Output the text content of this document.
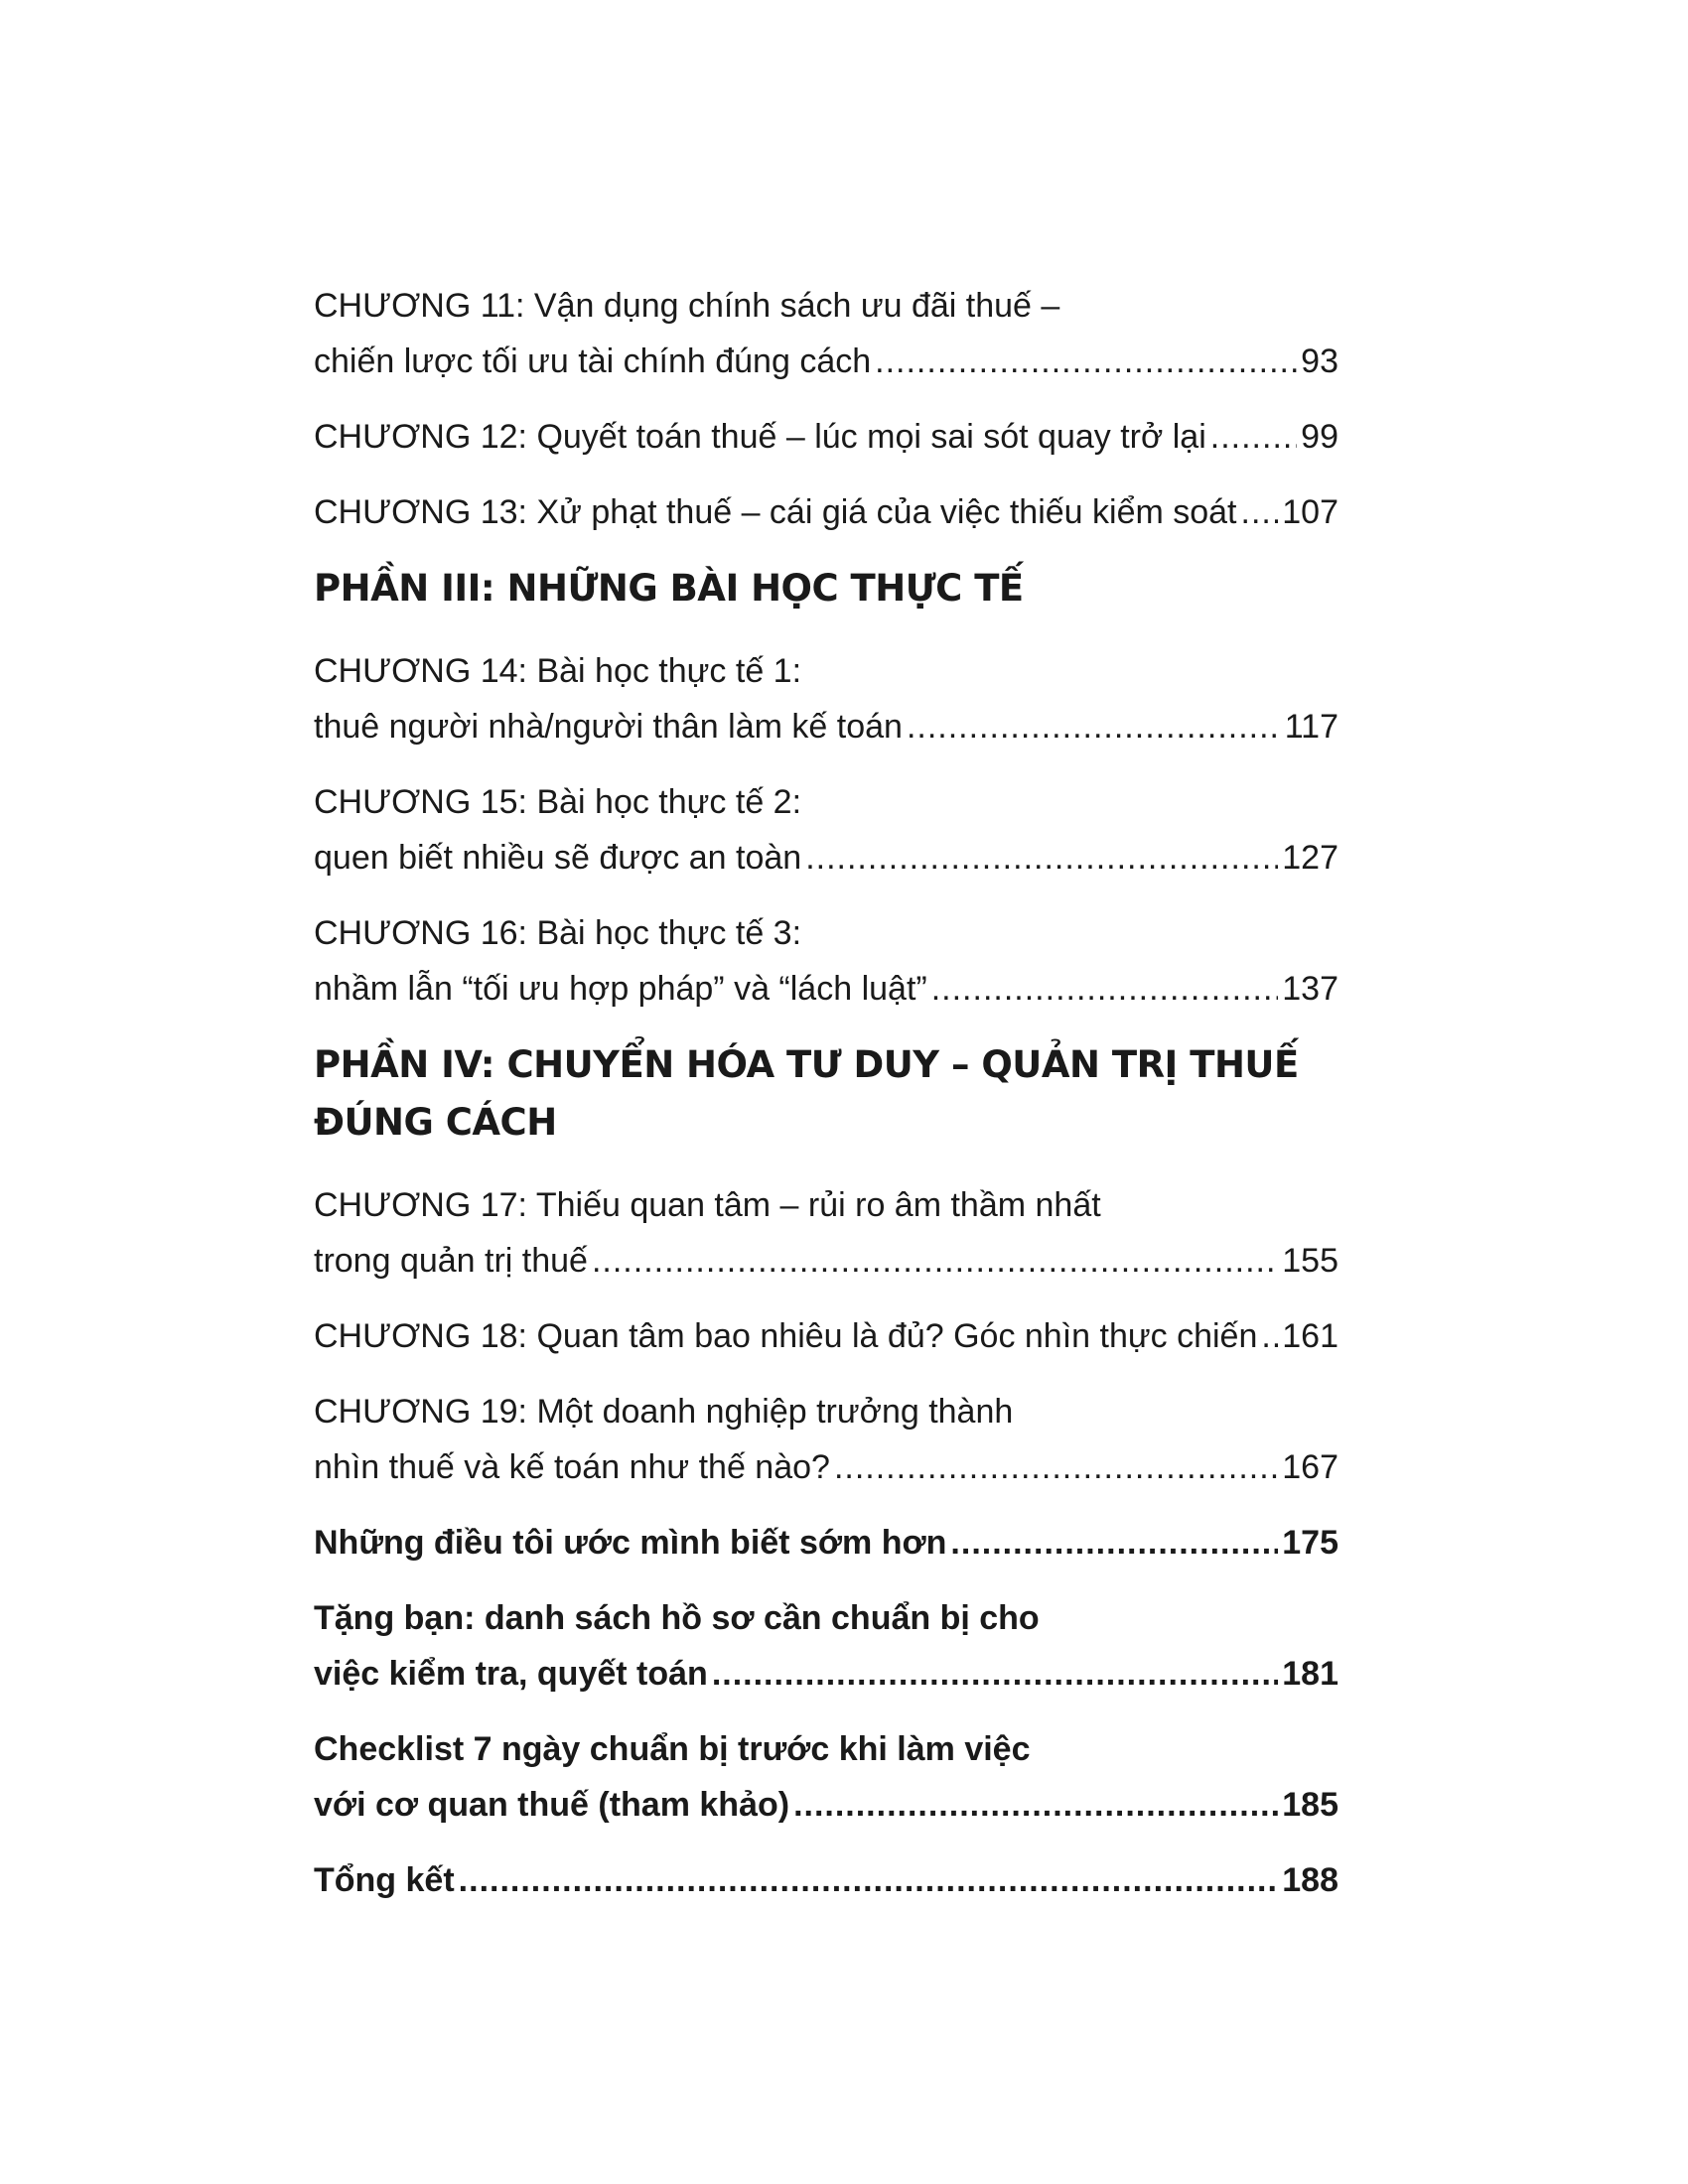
CHƯƠNG 11: Vận dụng chính sách ưu đãi thuế –
chiến lược tối ưu tài chính đúng cách .....	93
CHƯƠNG 12: Quyết toán thuế – lúc mọi sai sót quay trở lại .....	99
CHƯƠNG 13: Xử phạt thuế – cái giá của việc thiếu kiểm soát ..... 107
PHẦN III: NHỮNG BÀI HỌC THỰC TẾ
CHƯƠNG 14: Bài học thực tế 1:
thuê người nhà/người thân làm kế toán .....	117
CHƯƠNG 15: Bài học thực tế 2:
quen biết nhiều sẽ được an toàn .....	127
CHƯƠNG 16: Bài học thực tế 3:
nhầm lẫn “tối ưu hợp pháp” và “lách luật” .....	137
PHẦN IV: CHUYỂN HÓA TƯ DUY – QUẢN TRỊ THUẾ
ĐÚNG CÁCH
CHƯƠNG 17: Thiếu quan tâm – rủi ro âm thầm nhất
trong quản trị thuế .....	155
CHƯƠNG 18: Quan tâm bao nhiêu là đủ? Góc nhìn thực chiến ..... 161
CHƯƠNG 19: Một doanh nghiệp trưởng thành
nhìn thuế và kế toán như thế nào? .....	167
Những điều tôi ước mình biết sớm hơn .....	175
Tặng bạn: danh sách hồ sơ cần chuẩn bị cho
việc kiểm tra, quyết toán .....	181
Checklist 7 ngày chuẩn bị trước khi làm việc
với cơ quan thuế (tham khảo) .....	185
Tổng kết .....	188
